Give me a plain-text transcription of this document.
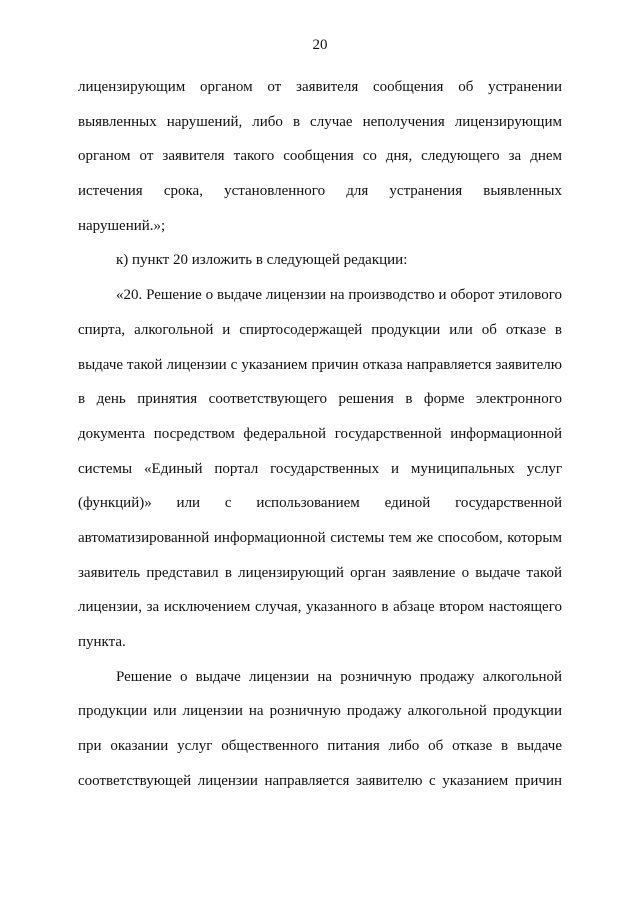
20
лицензирующим органом от заявителя сообщения об устранении
выявленных нарушений, либо в случае неполучения лицензирующим
органом от заявителя такого сообщения со дня, следующего за днем
истечения срока, установленного для устранения выявленных
нарушений.»;
к) пункт 20 изложить в следующей редакции:
«20. Решение о выдаче лицензии на производство и оборот этилового
спирта, алкогольной и спиртосодержащей продукции или об отказе в
выдаче такой лицензии с указанием причин отказа направляется заявителю
в день принятия соответствующего решения в форме электронного
документа посредством федеральной государственной информационной
системы «Единый портал государственных и муниципальных услуг
(функций)» или с использованием единой государственной
автоматизированной информационной системы тем же способом, которым
заявитель представил в лицензирующий орган заявление о выдаче такой
лицензии, за исключением случая, указанного в абзаце втором настоящего
пункта.
Решение о выдаче лицензии на розничную продажу алкогольной
продукции или лицензии на розничную продажу алкогольной продукции
при оказании услуг общественного питания либо об отказе в выдаче
соответствующей лицензии направляется заявителю с указанием причин
